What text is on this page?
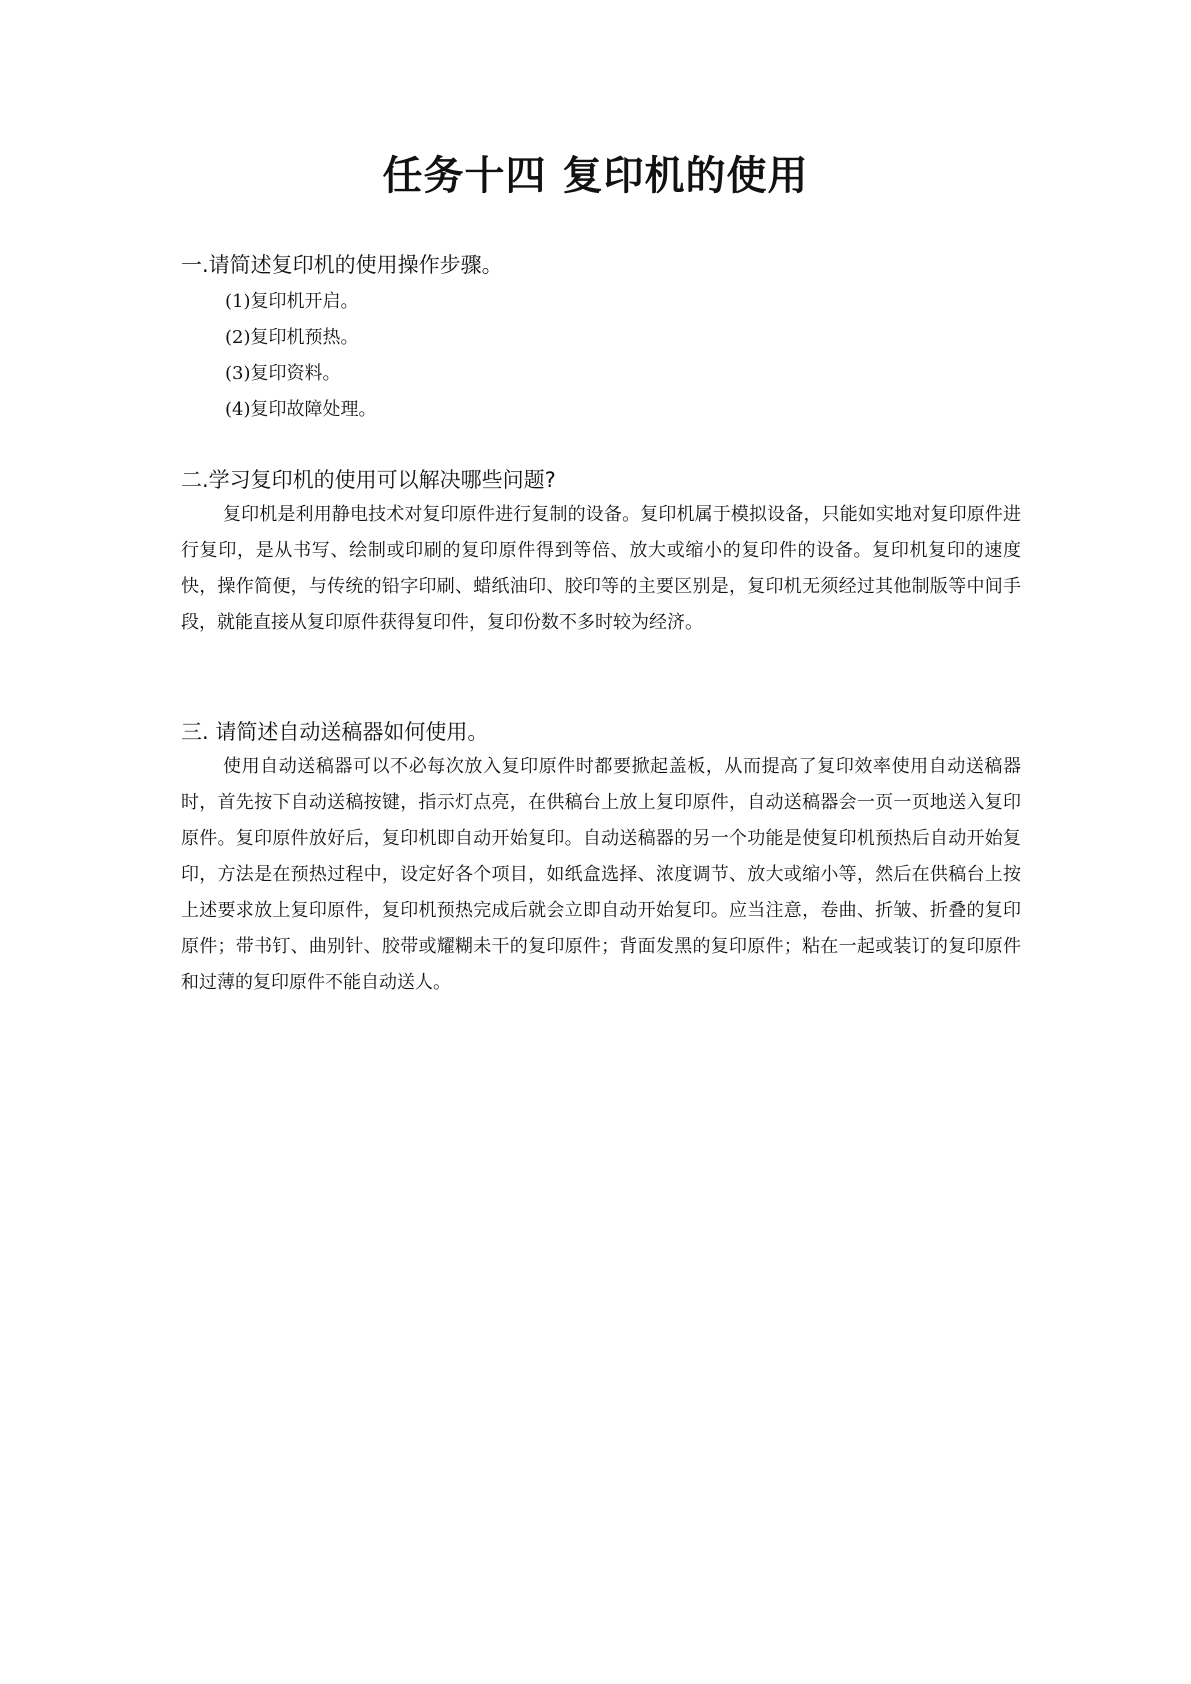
任务十四 复印机的使用
一.请简述复印机的使用操作步骤。
(1)复印机开启。
(2)复印机预热。
(3)复印资料。
(4)复印故障处理。
二.学习复印机的使用可以解决哪些问题?

复印机是利用静电技术对复印原件进行复制的设备。复印机属于模拟设备，只能如实地对复印原件进行复印，是从书写、绘制或印刷的复印原件得到等倍、放大或缩小的复印件的设备。复印机复印的速度快，操作简便，与传统的铅字印刷、蜡纸油印、胶印等的主要区别是，复印机无须经过其他制版等中间手段，就能直接从复印原件获得复印件，复印份数不多时较为经济。

三. 请简述自动送稿器如何使用。

使用自动送稿器可以不必每次放入复印原件时都要掀起盖板，从而提高了复印效率使用自动送稿器时，首先按下自动送稿按键，指示灯点亮，在供稿台上放上复印原件，自动送稿器会一页一页地送入复印原件。复印原件放好后，复印机即自动开始复印。自动送稿器的另一个功能是使复印机预热后自动开始复印，方法是在预热过程中，设定好各个项目，如纸盒选择、浓度调节、放大或缩小等，然后在供稿台上按上述要求放上复印原件，复印机预热完成后就会立即自动开始复印。应当注意，卷曲、折皱、折叠的复印原件；带书钉、曲别针、胶带或耀糊未干的复印原件；背面发黑的复印原件；粘在一起或装订的复印原件和过薄的复印原件不能自动送人。
